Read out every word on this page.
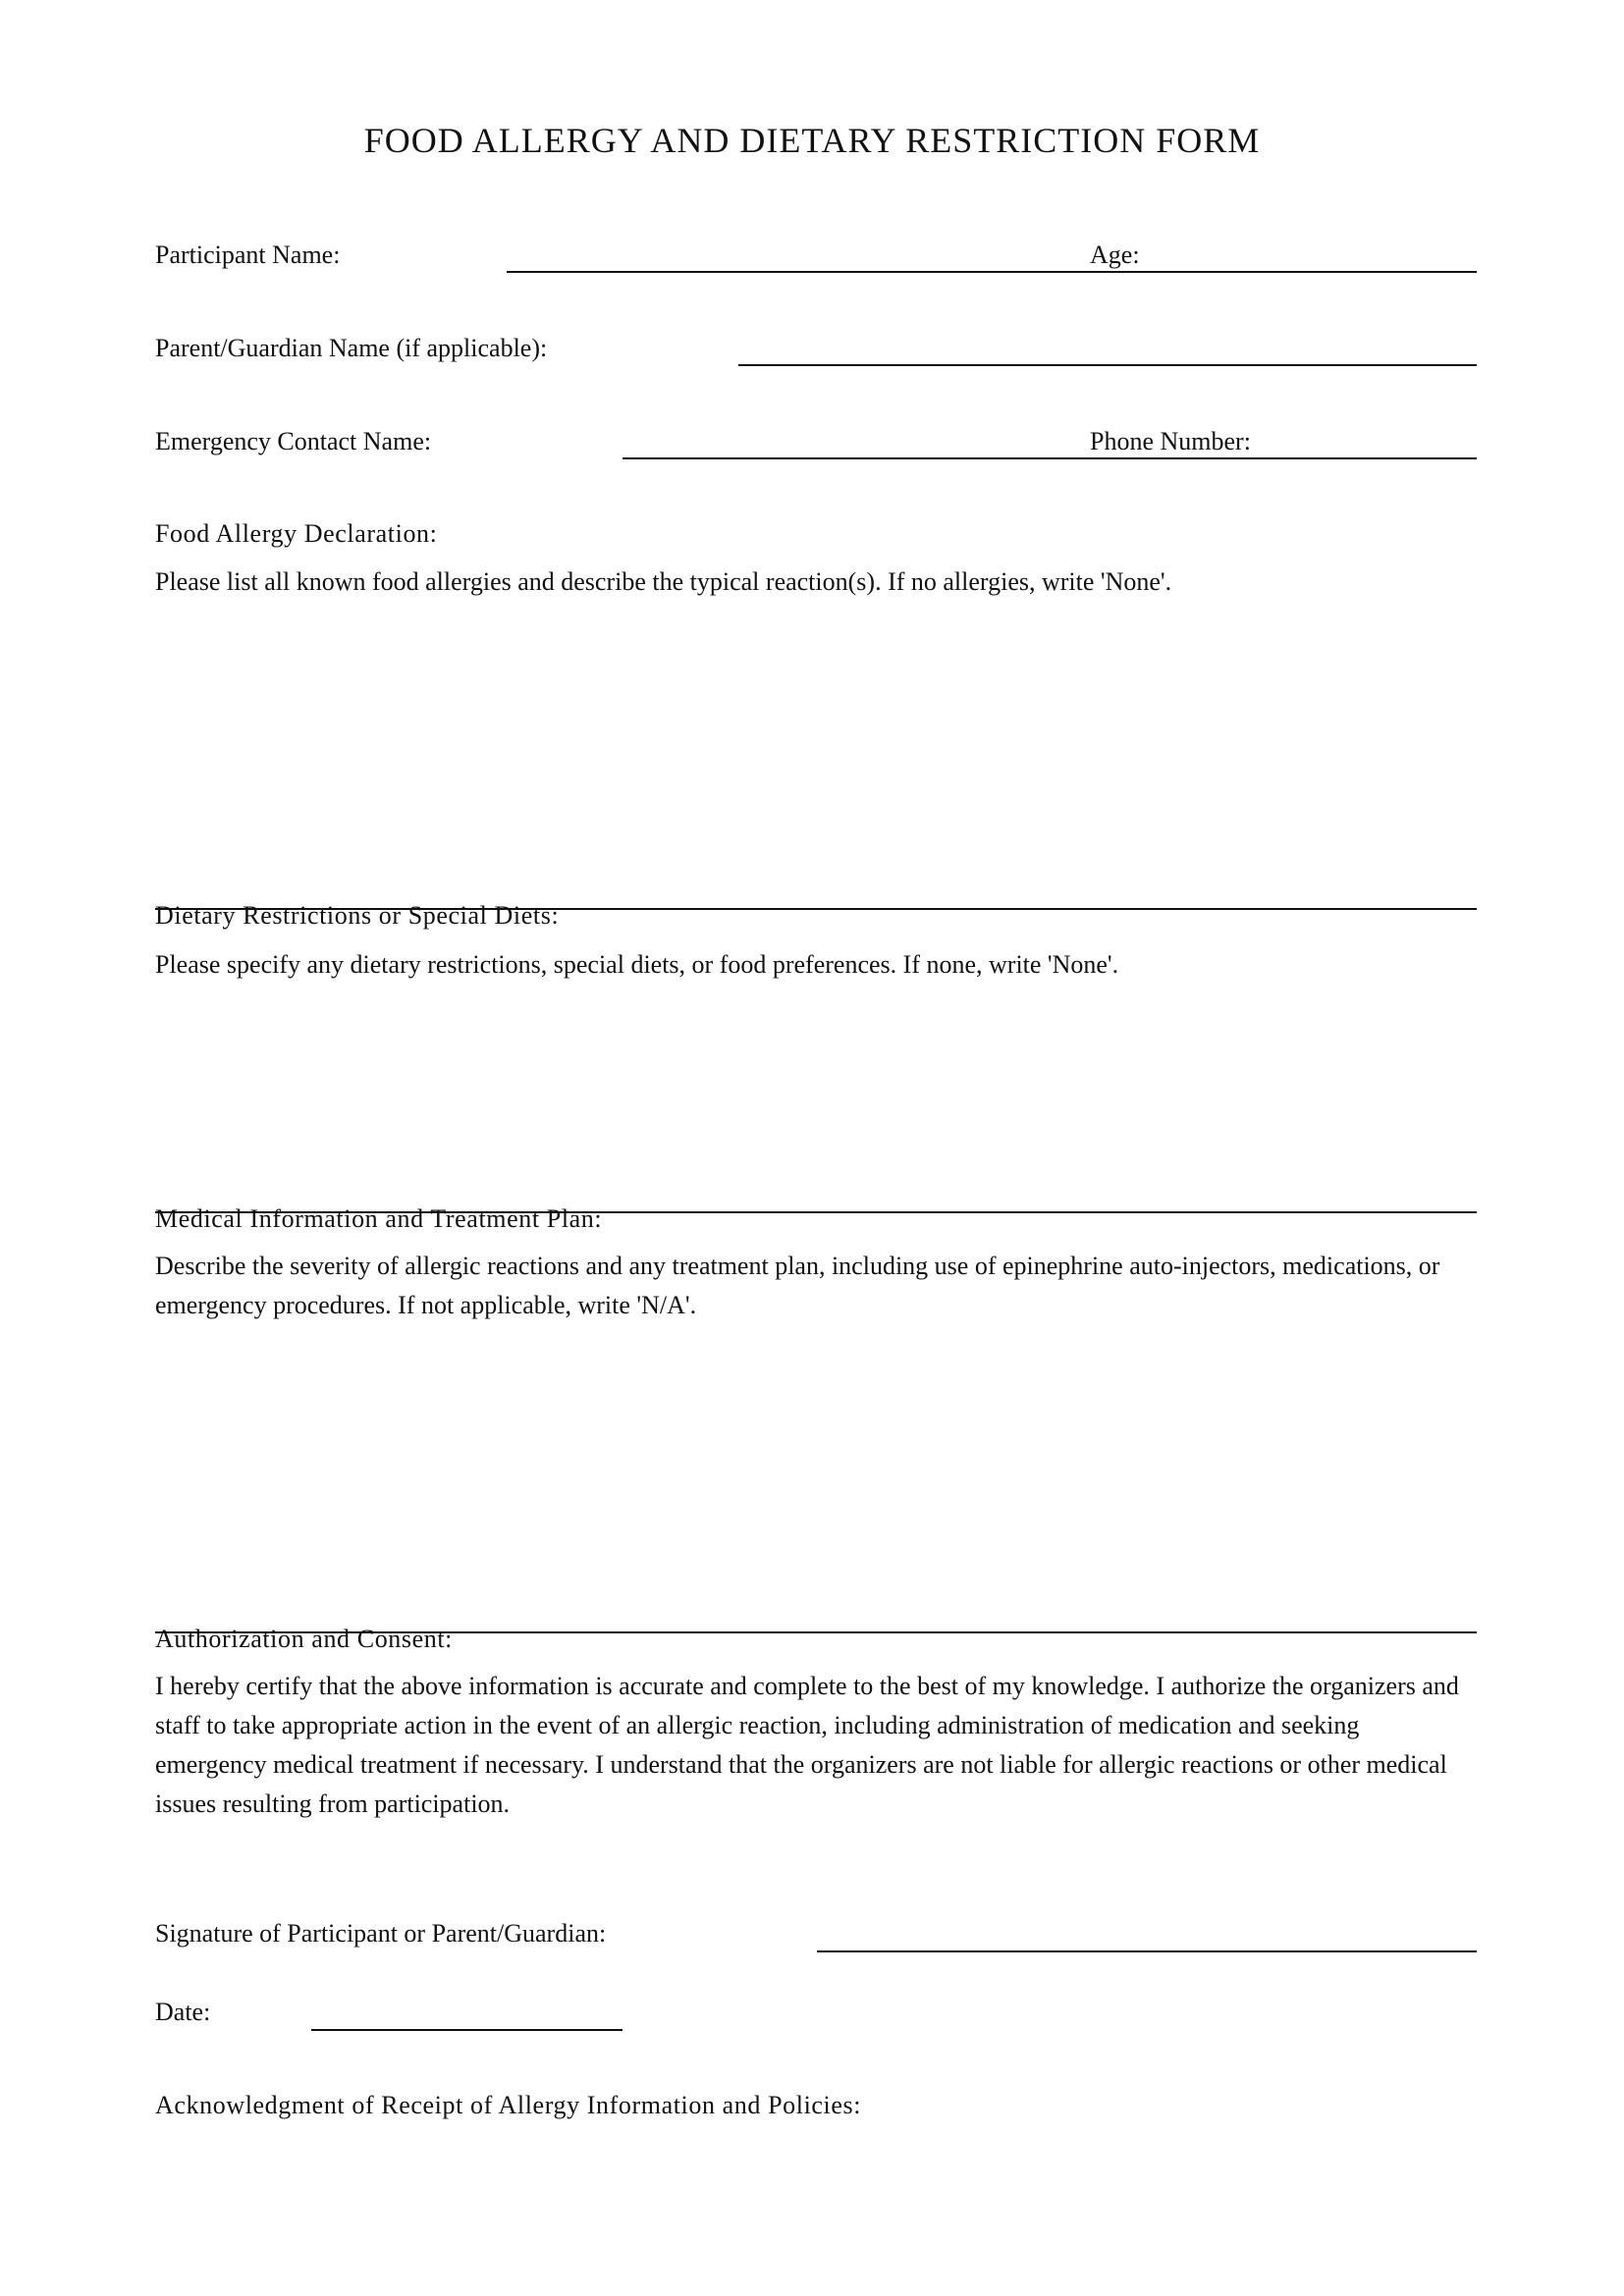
FOOD ALLERGY AND DIETARY RESTRICTION FORM
Participant Name:	Age:
Parent/Guardian Name (if applicable):
Emergency Contact Name:	Phone Number:
Food Allergy Declaration:
Please list all known food allergies and describe the typical reaction(s). If no allergies, write 'None'.
Dietary Restrictions or Special Diets:
Please specify any dietary restrictions, special diets, or food preferences. If none, write 'None'.
Medical Information and Treatment Plan:
Describe the severity of allergic reactions and any treatment plan, including use of epinephrine auto-injectors, medications, or emergency procedures. If not applicable, write 'N/A'.
Authorization and Consent:
I hereby certify that the above information is accurate and complete to the best of my knowledge. I authorize the organizers and staff to take appropriate action in the event of an allergic reaction, including administration of medication and seeking emergency medical treatment if necessary. I understand that the organizers are not liable for allergic reactions or other medical issues resulting from participation.
Signature of Participant or Parent/Guardian:
Date:
Acknowledgment of Receipt of Allergy Information and Policies:
